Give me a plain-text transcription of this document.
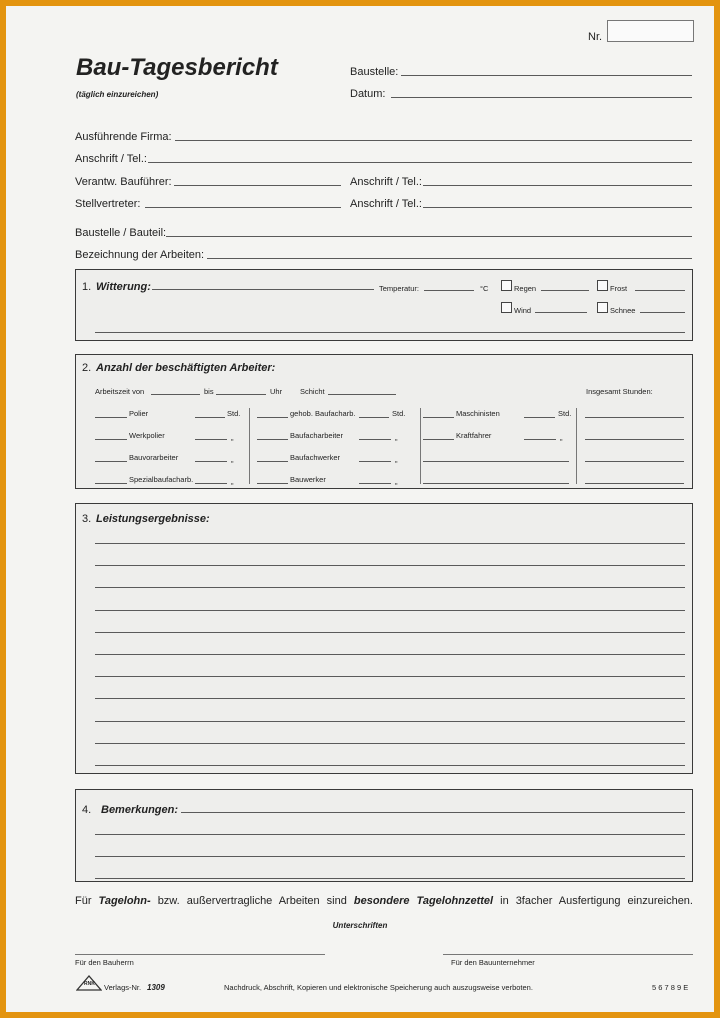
Nr.
Bau-Tagesbericht
(täglich einzureichen)
Baustelle:
Datum:
Ausführende Firma:
Anschrift / Tel.:
Verantw. Bauführer:	Anschrift / Tel.:
Stellvertreter:	Anschrift / Tel.:
Baustelle / Bauteil:
Bezeichnung der Arbeiten:
1. Witterung:	Temperatur:	°C	Regen	Frost
Wind	Schnee
2. Anzahl der beschäftigten Arbeiter:
Arbeitszeit von	bis	Uhr Schicht	Insgesamt Stunden:
Polier	Std.	gehob. Baufacharb.	Std.	Maschinisten	Std.
Werkpolier	„	Baufacharbeiter	„	Kraftfahrer	„
Bauvorarbeiter	„	Baufachwerker	„
Spezialbaufacharb.	„	Bauwerker	„
3. Leistungsergebnisse:
4. Bemerkungen:
Für Tagelohn- bzw. außervertragliche Arbeiten sind besondere Tagelohnzettel in 3facher Ausfertigung einzureichen.
Unterschriften
Für den Bauherrn	Für den Bauunternehmer
RNK Verlags-Nr. 1309	Nachdruck, Abschrift, Kopieren und elektronische Speicherung auch auszugsweise verboten.	5 6 7 8 9 E
